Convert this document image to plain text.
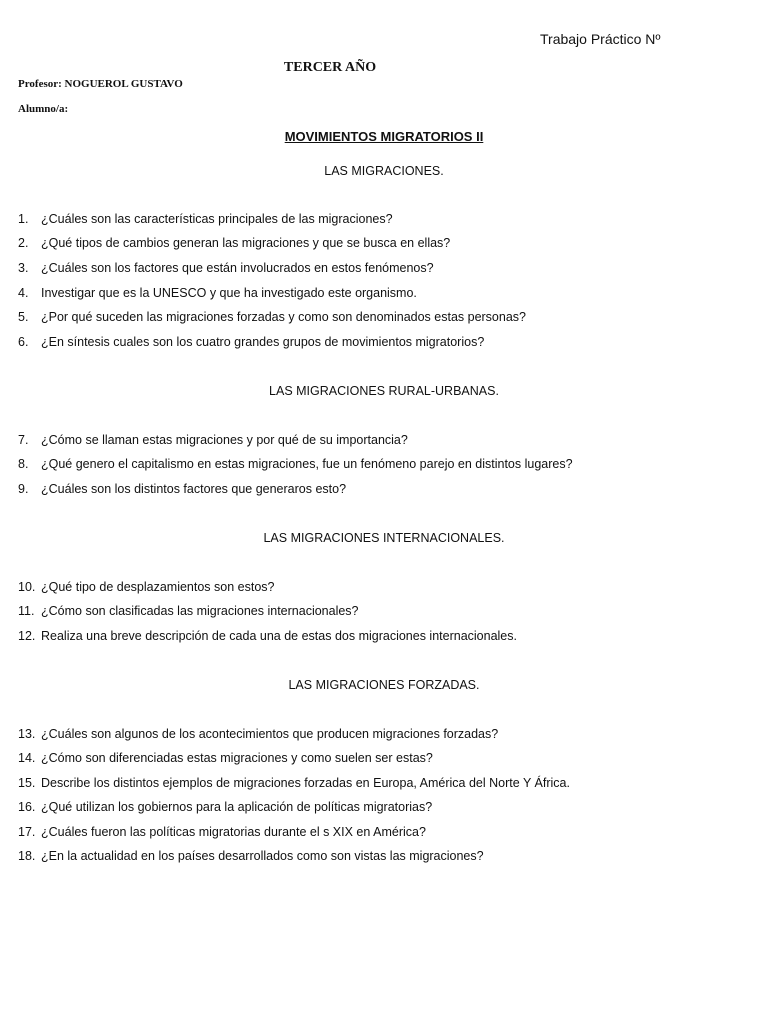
Trabajo Práctico Nº
TERCER AÑO
Profesor: NOGUEROL GUSTAVO
Alumno/a:
MOVIMIENTOS MIGRATORIOS II
LAS MIGRACIONES.
1. ¿Cuáles son las características principales de las migraciones?
2. ¿Qué tipos de cambios generan las migraciones y que se busca en ellas?
3. ¿Cuáles son los factores que están involucrados en estos fenómenos?
4. Investigar que es la UNESCO y que ha investigado este organismo.
5. ¿Por qué suceden las migraciones forzadas y como son denominados estas personas?
6. ¿En síntesis cuales son los cuatro grandes grupos de movimientos migratorios?
LAS MIGRACIONES RURAL-URBANAS.
7. ¿Cómo se llaman estas migraciones y por qué de su importancia?
8. ¿Qué genero el capitalismo en estas migraciones, fue un fenómeno parejo en distintos lugares?
9. ¿Cuáles son los distintos factores que generaros esto?
LAS MIGRACIONES INTERNACIONALES.
10. ¿Qué tipo de desplazamientos son estos?
11. ¿Cómo son clasificadas las migraciones internacionales?
12. Realiza una breve descripción de cada una de estas dos migraciones internacionales.
LAS MIGRACIONES FORZADAS.
13. ¿Cuáles son algunos de los acontecimientos que producen migraciones forzadas?
14. ¿Cómo son diferenciadas estas migraciones y como suelen ser estas?
15. Describe los distintos ejemplos de migraciones forzadas en Europa, América del Norte Y África.
16. ¿Qué utilizan los gobiernos para la aplicación de políticas migratorias?
17. ¿Cuáles fueron las políticas migratorias durante el s XIX en América?
18. ¿En la actualidad en los países desarrollados como son vistas las migraciones?
